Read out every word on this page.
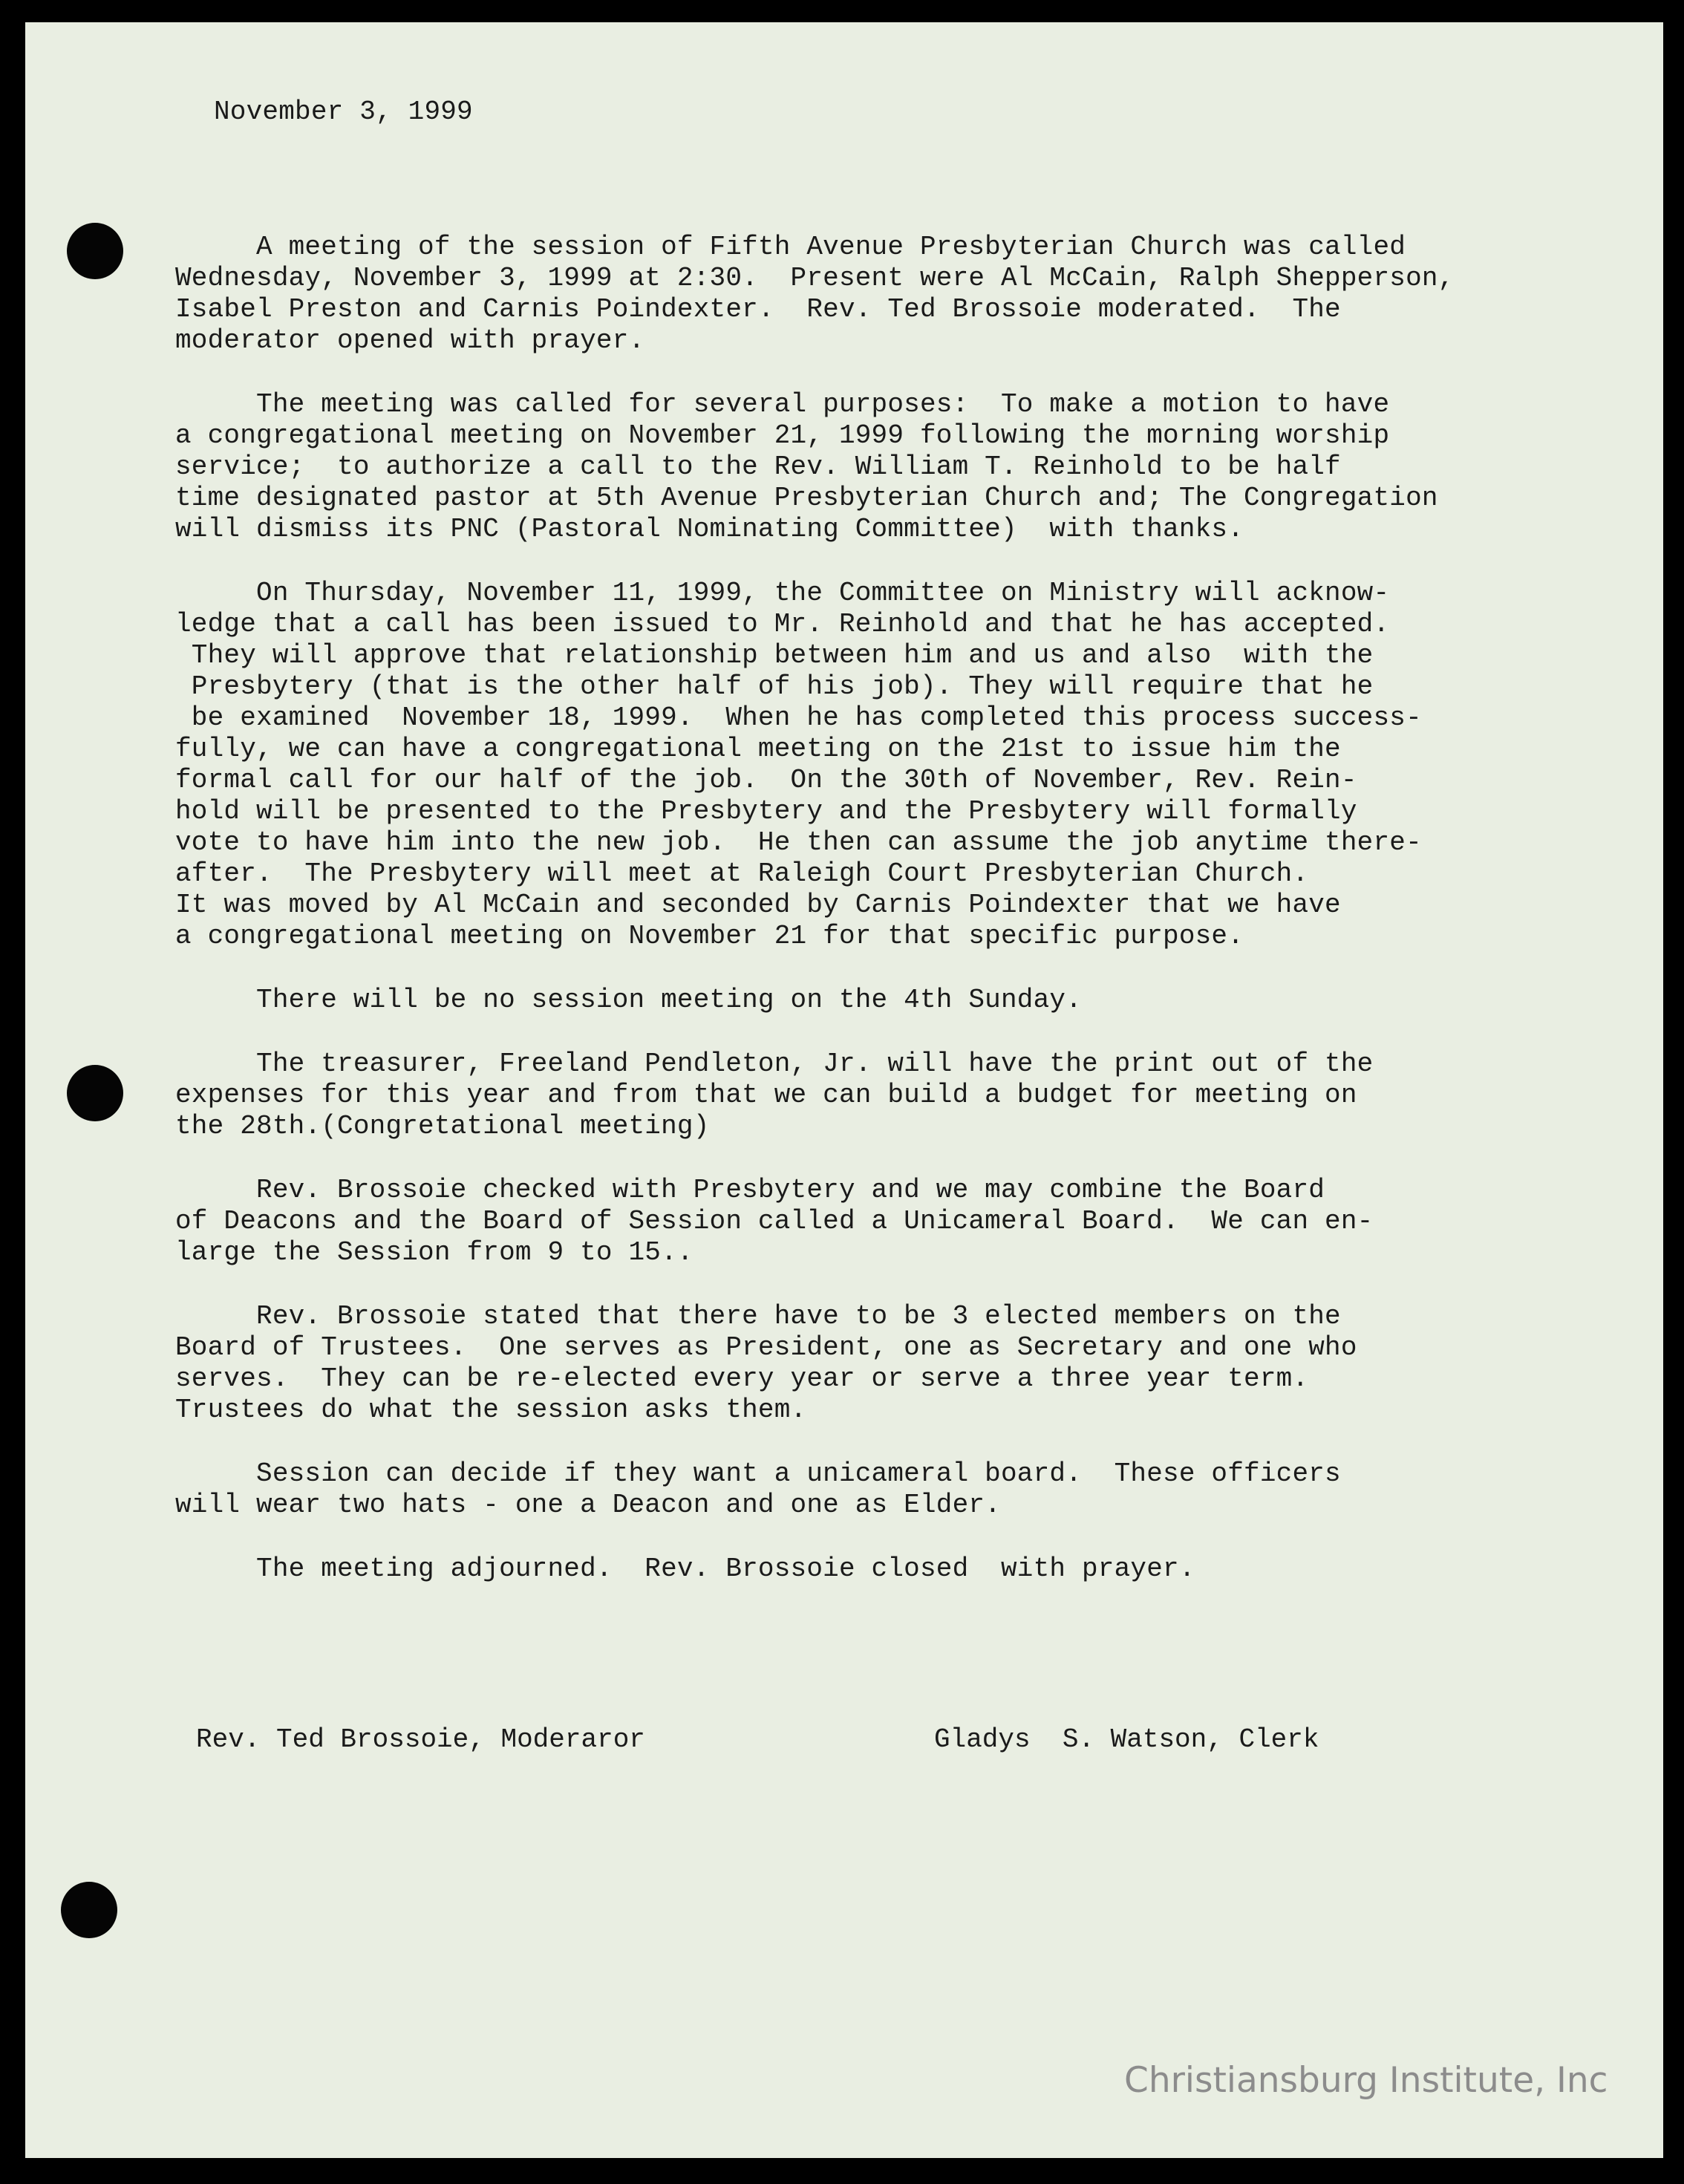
November 3, 1999
A meeting of the session of Fifth Avenue Presbyterian Church was called
Wednesday, November 3, 1999 at 2:30.  Present were Al McCain, Ralph Shepperson,
Isabel Preston and Carnis Poindexter.  Rev. Ted Brossoie moderated.  The
moderator opened with prayer.
The meeting was called for several purposes:  To make a motion to have
a congregational meeting on November 21, 1999 following the morning worship
service;  to authorize a call to the Rev. William T. Reinhold to be half
time designated pastor at 5th Avenue Presbyterian Church and; The Congregation
will dismiss its PNC (Pastoral Nominating Committee)  with thanks.
On Thursday, November 11, 1999, the Committee on Ministry will acknow-
ledge that a call has been issued to Mr. Reinhold and that he has accepted.
They will approve that relationship between him and us and also  with the
Presbytery (that is the other half of his job). They will require that he
be examined  November 18, 1999.  When he has completed this process success-
fully, we can have a congregational meeting on the 21st to issue him the
formal call for our half of the job.  On the 30th of November, Rev. Rein-
hold will be presented to the Presbytery and the Presbytery will formally
vote to have him into the new job.  He then can assume the job anytime there-
after.  The Presbytery will meet at Raleigh Court Presbyterian Church.
It was moved by Al McCain and seconded by Carnis Poindexter that we have
a congregational meeting on November 21 for that specific purpose.
There will be no session meeting on the 4th Sunday.
The treasurer, Freeland Pendleton, Jr. will have the print out of the
expenses for this year and from that we can build a budget for meeting on
the 28th.(Congretational meeting)
Rev. Brossoie checked with Presbytery and we may combine the Board
of Deacons and the Board of Session called a Unicameral Board.  We can en-
large the Session from 9 to 15..
Rev. Brossoie stated that there have to be 3 elected members on the
Board of Trustees.  One serves as President, one as Secretary and one who
serves.  They can be re-elected every year or serve a three year term.
Trustees do what the session asks them.
Session can decide if they want a unicameral board.  These officers
will wear two hats - one a Deacon and one as Elder.
The meeting adjourned.  Rev. Brossoie closed  with prayer.
Rev. Ted Brossoie, Moderaror	Gladys  S. Watson, Clerk
Christiansburg Institute, Inc
